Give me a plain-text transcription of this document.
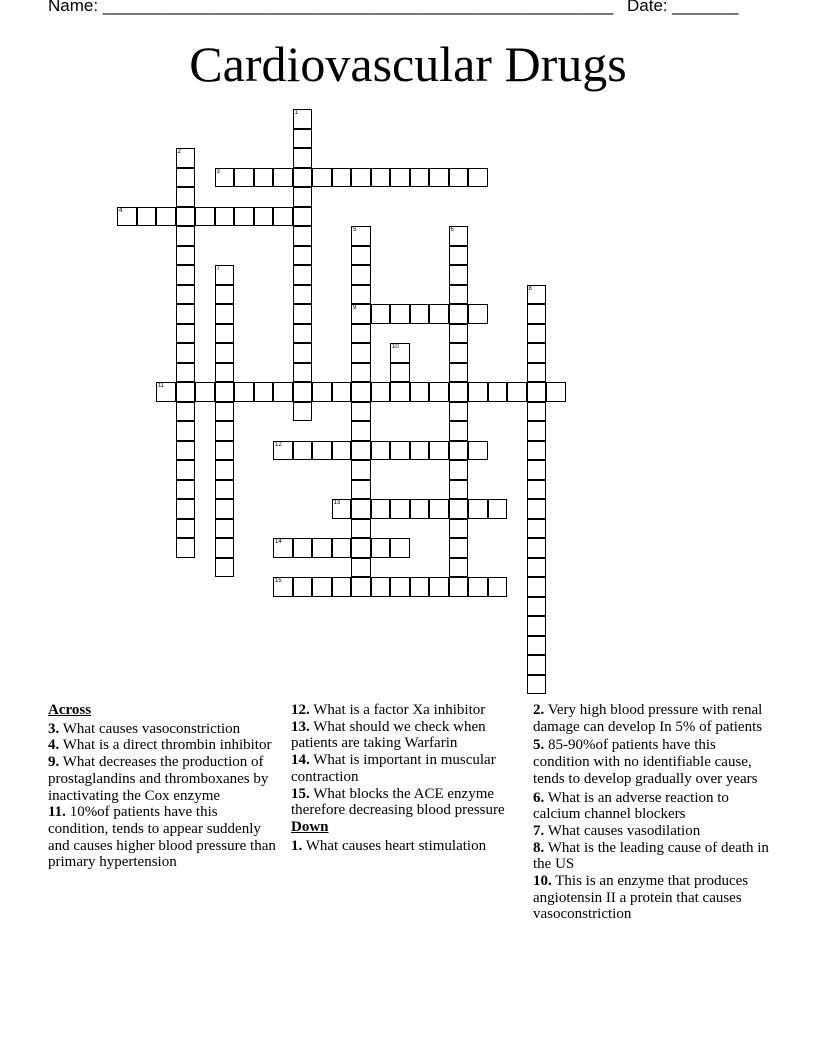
Name: ______________________________________________________ Date: _______
Cardiovascular Drugs
1
2
3
4
5
9
6
7
8
10
11
12
13
14
15

Across

3. What causes vasoconstriction

4. What is a direct thrombin inhibitor

9. What decreases the production of prostaglandins and thromboxanes by inactivating the Cox enzyme

11. 10%of patients have this condition, tends to appear suddenly and causes higher blood pressure than primary hypertension

12. What is a factor Xa inhibitor

13. What should we check when patients are taking Warfarin

14. What is important in muscular contraction

15. What blocks the ACE enzyme therefore decreasing blood pressure

Down

1. What causes heart stimulation

2. Very high blood pressure with renal damage can develop In 5% of patients

5. 85-90%of patients have this condition with no identifiable cause, tends to develop gradually over years

6. What is an adverse reaction to calcium channel blockers

7. What causes vasodilation

8. What is the leading cause of death in the US

10. This is an enzyme that produces angiotensin II a protein that causes vasoconstriction
